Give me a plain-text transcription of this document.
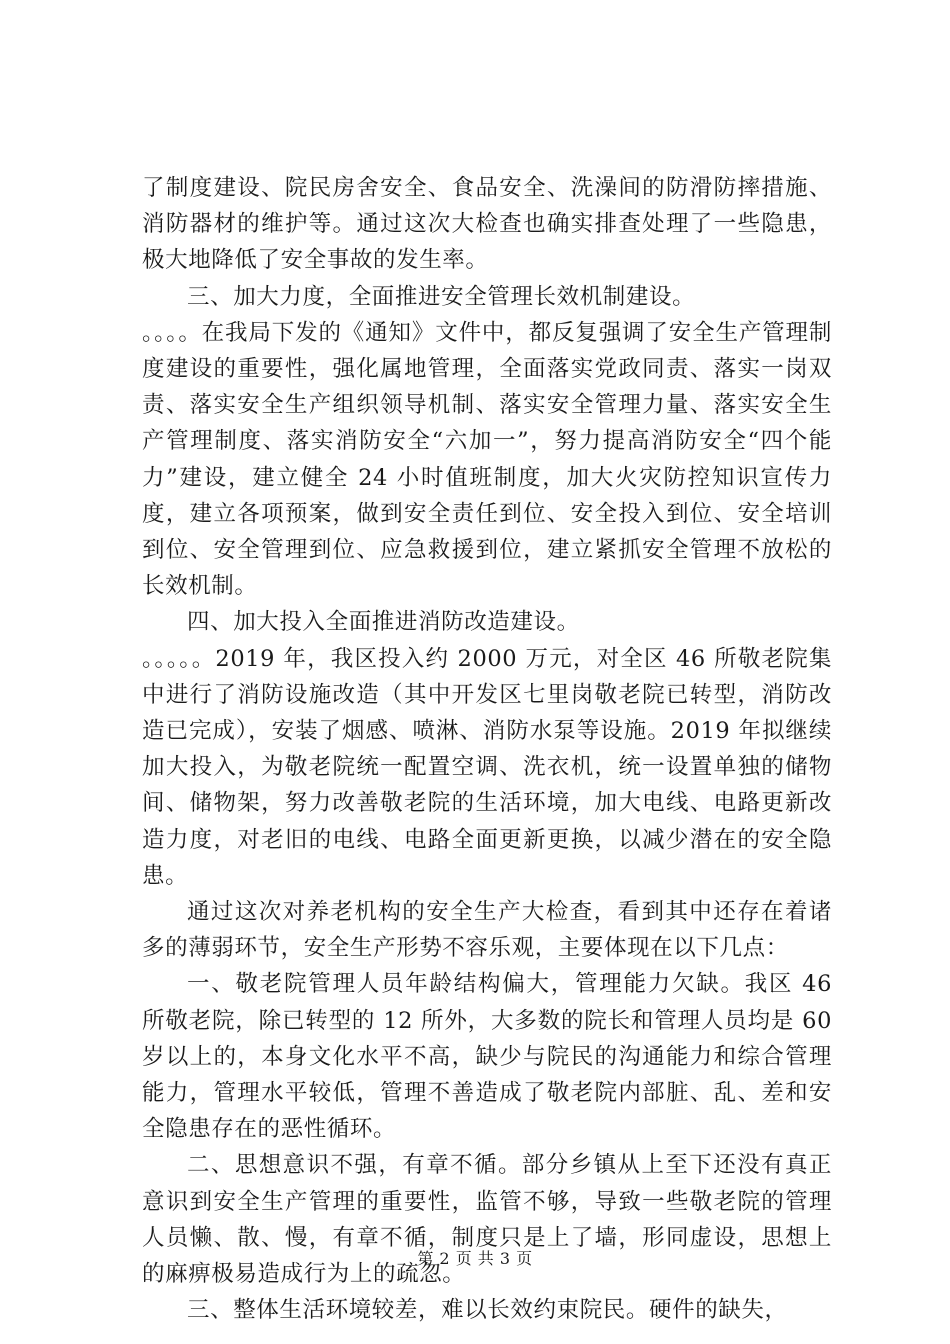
了制度建设、院民房舍安全、食品安全、洗澡间的防滑防摔措施、消防器材的维护等。通过这次大检查也确实排查处理了一些隐患，极大地降低了安全事故的发生率。

三、加大力度，全面推进安全管理长效机制建设。

。。。。在我局下发的《通知》文件中，都反复强调了安全生产管理制度建设的重要性，强化属地管理，全面落实党政同责、落实一岗双责、落实安全生产组织领导机制、落实安全管理力量、落实安全生产管理制度、落实消防安全“六加一”，努力提高消防安全“四个能力”建设，建立健全 24 小时值班制度，加大火灾防控知识宣传力度，建立各项预案，做到安全责任到位、安全投入到位、安全培训到位、安全管理到位、应急救援到位，建立紧抓安全管理不放松的长效机制。

四、加大投入全面推进消防改造建设。

。。。。。2019 年，我区投入约 2000 万元，对全区 46 所敬老院集中进行了消防设施改造（其中开发区七里岗敬老院已转型，消防改造已完成），安装了烟感、喷淋、消防水泵等设施。2019 年拟继续加大投入，为敬老院统一配置空调、洗衣机，统一设置单独的储物间、储物架，努力改善敬老院的生活环境，加大电线、电路更新改造力度，对老旧的电线、电路全面更新更换，以减少潜在的安全隐患。

通过这次对养老机构的安全生产大检查，看到其中还存在着诸多的薄弱环节，安全生产形势不容乐观，主要体现在以下几点：

一、敬老院管理人员年龄结构偏大，管理能力欠缺。我区 46 所敬老院，除已转型的 12 所外，大多数的院长和管理人员均是 60 岁以上的，本身文化水平不高，缺少与院民的沟通能力和综合管理能力，管理水平较低，管理不善造成了敬老院内部脏、乱、差和安全隐患存在的恶性循环。

二、思想意识不强，有章不循。部分乡镇从上至下还没有真正意识到安全生产管理的重要性，监管不够，导致一些敬老院的管理人员懒、散、慢，有章不循，制度只是上了墙，形同虚设，思想上的麻痹极易造成行为上的疏忽。

三、整体生活环境较差，难以长效约束院民。硬件的缺失，

第 2 页 共 3 页
